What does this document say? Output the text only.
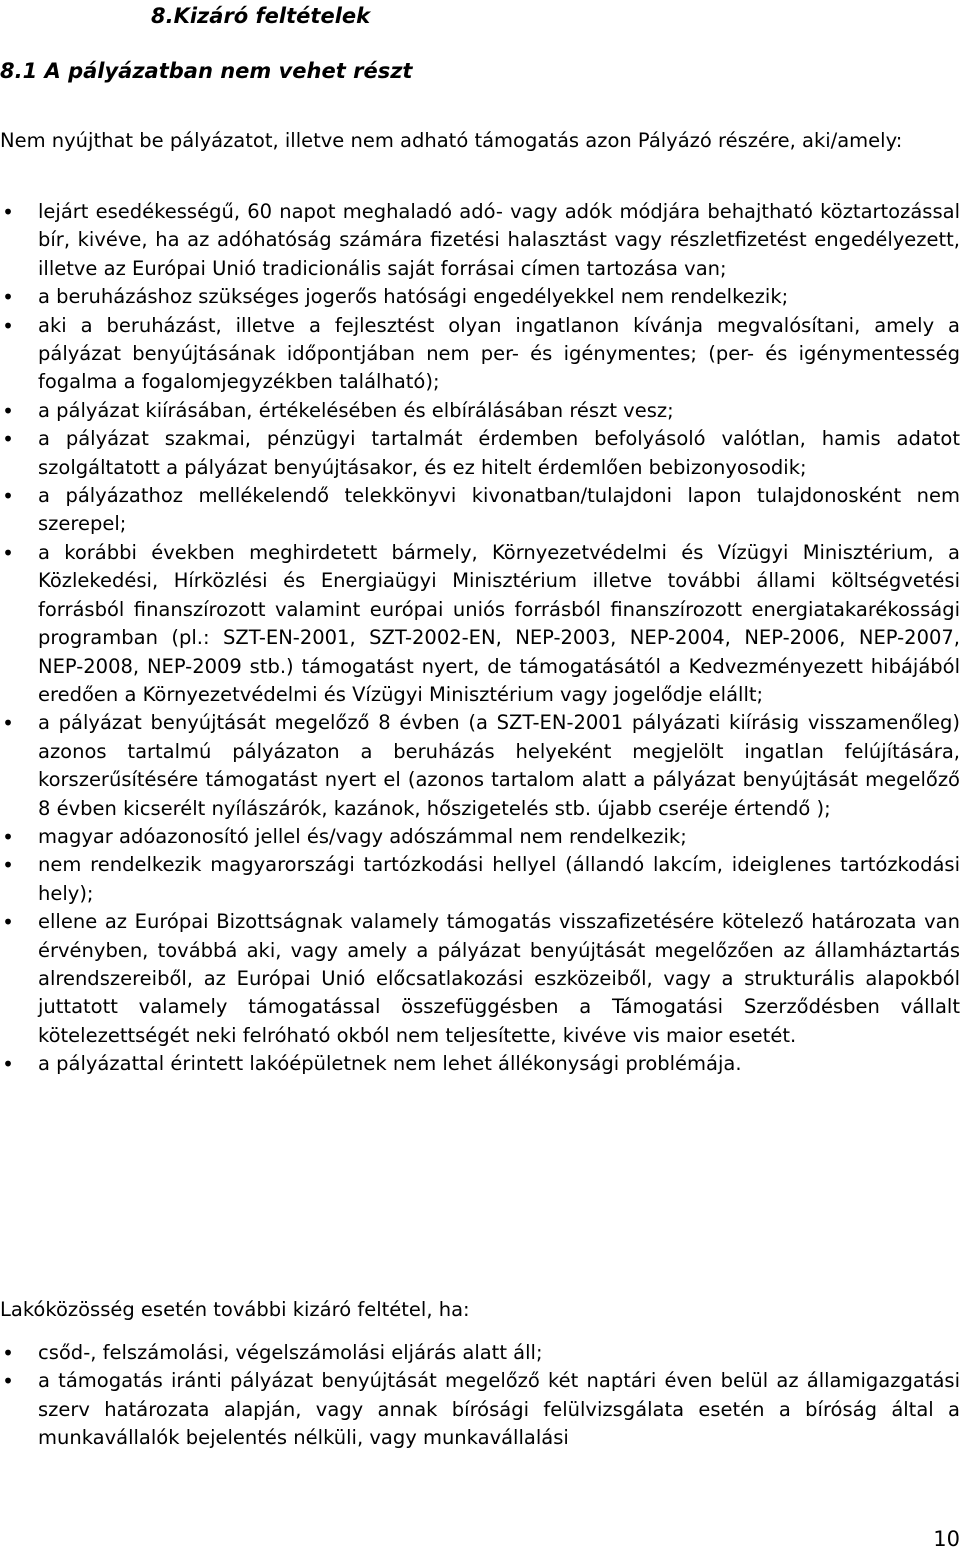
8.Kizáró feltételek
8.1 A pályázatban nem vehet részt

Nem nyújthat be pályázatot, illetve nem adható támogatás azon Pályázó részére, aki/amely:

• lejárt esedékességű, 60 napot meghaladó adó- vagy adók módjára behajtható köztartozással bír, kivéve, ha az adóhatóság számára fizetési halasztást vagy részletfizetést engedélyezett, illetve az Európai Unió tradicionális saját forrásai címen tartozása van;
• a beruházáshoz szükséges jogerős hatósági engedélyekkel nem rendelkezik;
• aki a beruházást, illetve a fejlesztést olyan ingatlanon kívánja megvalósítani, amely a pályázat benyújtásának időpontjában nem per- és igénymentes; (per- és igénymentesség fogalma a fogalomjegyzékben található);
• a pályázat kiírásában, értékelésében és elbírálásában részt vesz;
• a pályázat szakmai, pénzügyi tartalmát érdemben befolyásoló valótlan, hamis adatot szolgáltatott a pályázat benyújtásakor, és ez hitelt érdemlően bebizonyosodik;
• a pályázathoz mellékelendő telekkönyvi kivonatban/tulajdoni lapon tulajdonosként nem szerepel;
• a korábbi években meghirdetett bármely, Környezetvédelmi és Vízügyi Minisztérium, a Közlekedési, Hírközlési és Energiaügyi Minisztérium illetve további állami költségvetési forrásból finanszírozott valamint európai uniós forrásból finanszírozott energiatakarékossági programban (pl.: SZT-EN-2001, SZT-2002-EN, NEP-2003, NEP-2004, NEP-2006, NEP-2007, NEP-2008, NEP-2009 stb.) támogatást nyert, de támogatásától a Kedvezményezett hibájából eredően a Környezetvédelmi és Vízügyi Minisztérium vagy jogelődje elállt;
• a pályázat benyújtását megelőző 8 évben (a SZT-EN-2001 pályázati kiírásig visszamenőleg) azonos tartalmú pályázaton a beruházás helyeként megjelölt ingatlan felújítására, korszerűsítésére támogatást nyert el (azonos tartalom alatt a pályázat benyújtását megelőző 8 évben kicserélt nyílászárók, kazánok, hőszigetelés stb. újabb cseréje értendő );
• magyar adóazonosító jellel és/vagy adószámmal nem rendelkezik;
• nem rendelkezik magyarországi tartózkodási hellyel (állandó lakcím, ideiglenes tartózkodási hely);
• ellene az Európai Bizottságnak valamely támogatás visszafizetésére kötelező határozata van érvényben, továbbá aki, vagy amely a pályázat benyújtását megelőzően az államháztartás alrendszereiből, az Európai Unió előcsatlakozási eszközeiből, vagy a strukturális alapokból juttatott valamely támogatással összefüggésben a Támogatási Szerződésben vállalt kötelezettségét neki felróható okból nem teljesítette, kivéve vis maior esetét.
• a pályázattal érintett lakóépületnek nem lehet állékonysági problémája.

Lakóközösség esetén további kizáró feltétel, ha:

• csőd-, felszámolási, végelszámolási eljárás alatt áll;
• a támogatás iránti pályázat benyújtását megelőző két naptári éven belül az államigazgatási szerv határozata alapján, vagy annak bírósági felülvizsgálata esetén a bíróság által a munkavállalók bejelentés nélküli, vagy munkavállalási
10
